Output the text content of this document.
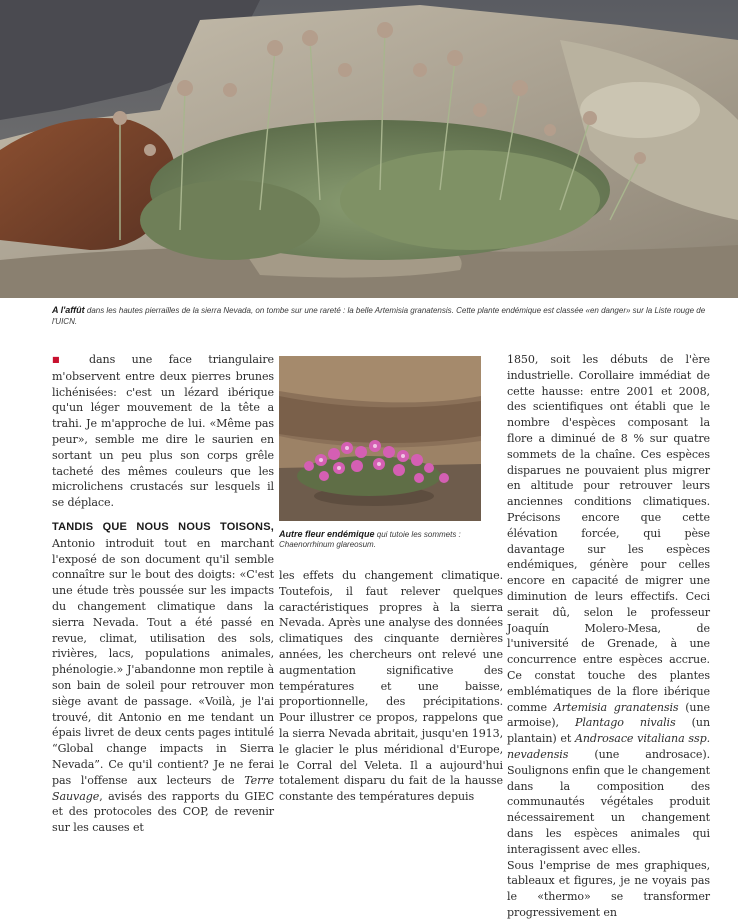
A l'affût dans les hautes pierrailles de la sierra Nevada, on tombe sur une rareté : la belle Artemisia granatensis. Cette plante endémique est classée «en danger» sur la Liste rouge de l'UICN.

■ dans une face triangulaire m'observent entre deux pierres brunes lichénisées: c'est un lézard ibérique qu'un léger mouvement de la tête a trahi. Je m'approche de lui. «Même pas peur», semble me dire le saurien en sortant un peu plus son corps grêle tacheté des mêmes couleurs que les microlichens crustacés sur lesquels il se déplace.

TANDIS QUE NOUS NOUS TOISONS, Antonio introduit tout en marchant l'exposé de son document qu'il semble connaître sur le bout des doigts: «C'est une étude très poussée sur les impacts du changement climatique dans la sierra Nevada. Tout a été passé en revue, climat, utilisation des sols, rivières, lacs, populations animales, phénologie.» J'abandonne mon reptile à son bain de soleil pour retrouver mon siège avant de passage. «Voilà, je l'ai trouvé, dit Antonio en me tendant un épais livret de deux cents pages intitulé “Global change impacts in Sierra Nevada”. Ce qu'il contient? Je ne ferai pas l'offense aux lecteurs de Terre Sauvage, avisés des rapports du GIEC et des protocoles des COP, de revenir sur les causes et

Autre fleur endémique qui tutoie les sommets : Chaenorrhinum glareosum.

les effets du changement climatique. Toutefois, il faut relever quelques caractéristiques propres à la sierra Nevada. Après une analyse des données climatiques des cinquante dernières années, les chercheurs ont relevé une augmentation significative des températures et une baisse, proportionnelle, des précipitations. Pour illustrer ce propos, rappelons que la sierra Nevada abritait, jusqu'en 1913, le glacier le plus méridional d'Europe, le Corral del Veleta. Il a aujourd'hui totalement disparu du fait de la hausse constante des températures depuis

1850, soit les débuts de l'ère industrielle. Corollaire immédiat de cette hausse: entre 2001 et 2008, des scientifiques ont établi que le nombre d'espèces composant la flore a diminué de 8 % sur quatre sommets de la chaîne. Ces espèces disparues ne pouvaient plus migrer en altitude pour retrouver leurs anciennes conditions climatiques. Précisons encore que cette élévation forcée, qui pèse davantage sur les espèces endémiques, génère pour celles encore en capacité de migrer une diminution de leurs effectifs. Ceci serait dû, selon le professeur Joaquín Molero-Mesa, de l'université de Grenade, à une concurrence entre espèces accrue. Ce constat touche des plantes emblématiques de la flore ibérique comme Artemisia granatensis (une armoise), Plantago nivalis (un plantain) et Androsace vitaliana ssp. nevadensis (une androsace). Soulignons enfin que le changement dans la composition des communautés végétales produit nécessairement un changement dans les espèces animales qui interagissent avec elles.

Sous l'emprise de mes graphiques, tableaux et figures, je ne voyais pas le «thermo» se transformer progressivement en
